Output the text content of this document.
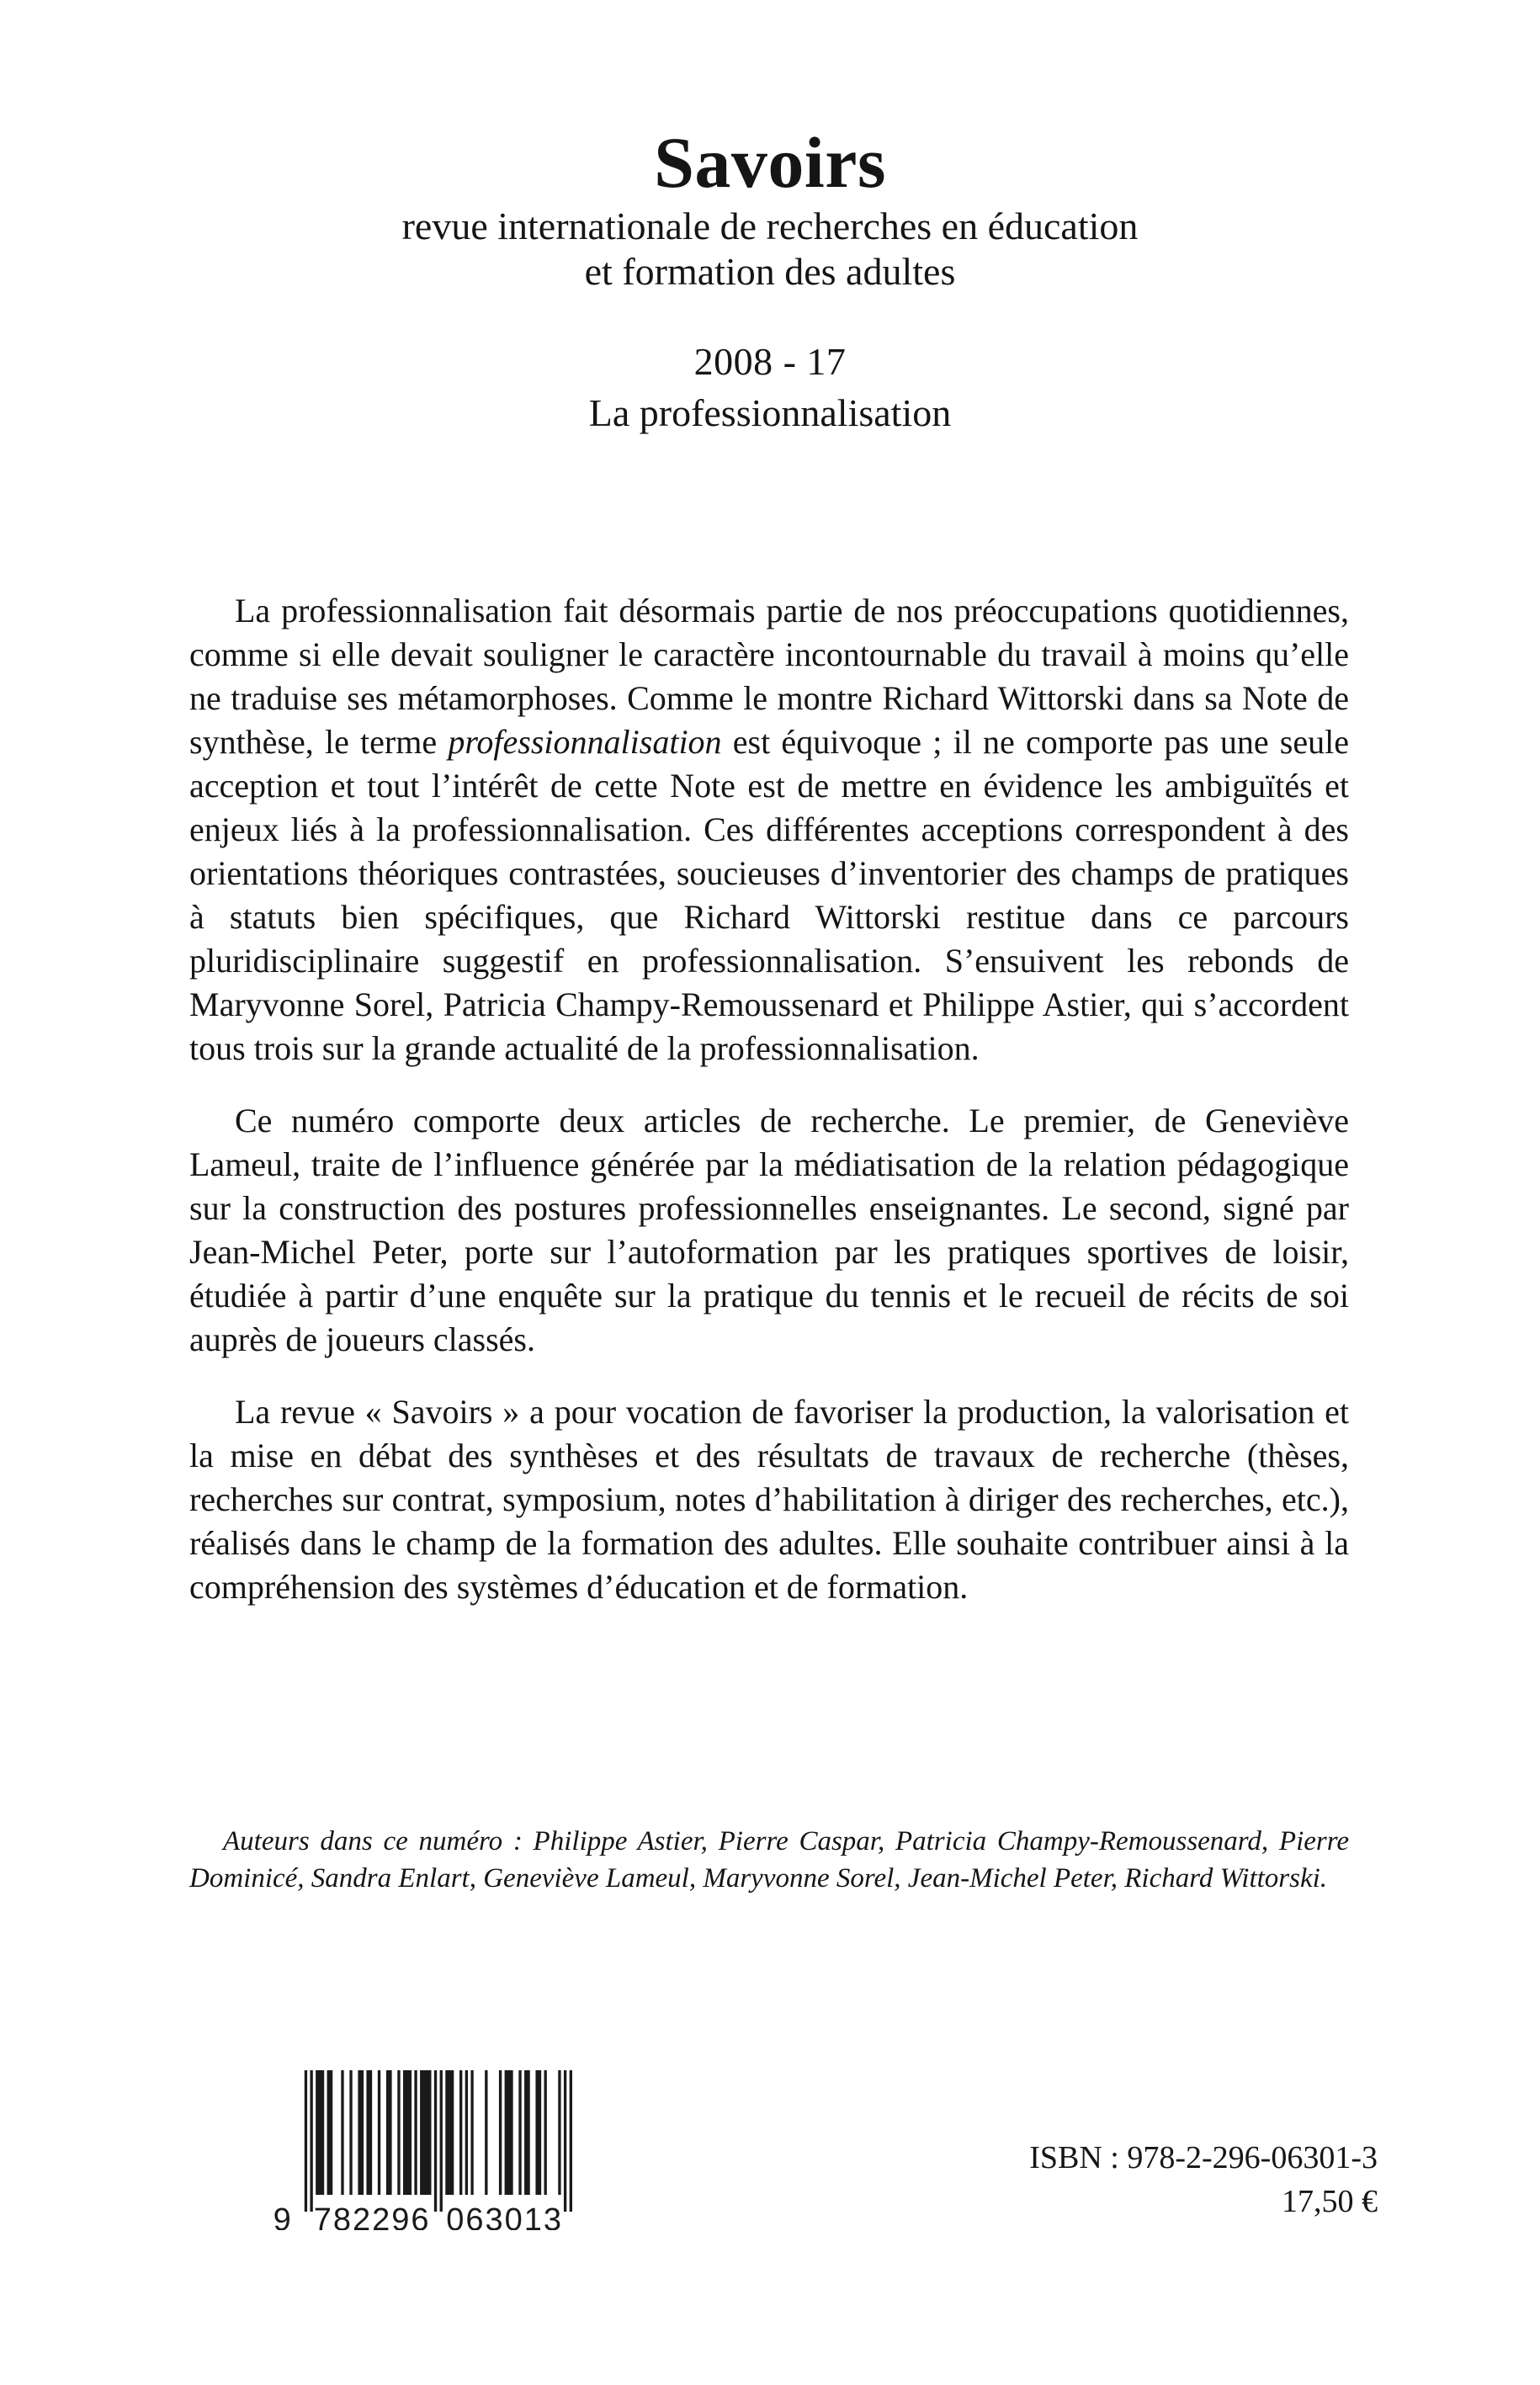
Savoirs
revue internationale de recherches en éducation
et formation des adultes
2008 - 17
La professionnalisation

La professionnalisation fait désormais partie de nos préoccupations quotidiennes, comme si elle devait souligner le caractère incontournable du travail à moins qu’elle ne traduise ses métamorphoses. Comme le montre Richard Wittorski dans sa Note de synthèse, le terme professionnalisation est équivoque ; il ne comporte pas une seule acception et tout l’intérêt de cette Note est de mettre en évidence les ambiguïtés et enjeux liés à la professionnalisation. Ces différentes acceptions correspondent à des orientations théoriques contrastées, soucieuses d’inventorier des champs de pratiques à statuts bien spécifiques, que Richard Wittorski restitue dans ce parcours pluridisciplinaire suggestif en professionnalisation. S’ensuivent les rebonds de Maryvonne Sorel, Patricia Champy-Remoussenard et Philippe Astier, qui s’accordent tous trois sur la grande actualité de la professionnalisation.

Ce numéro comporte deux articles de recherche. Le premier, de Geneviève Lameul, traite de l’influence générée par la médiatisation de la relation pédagogique sur la construction des postures professionnelles enseignantes. Le second, signé par Jean-Michel Peter, porte sur l’autoformation par les pratiques sportives de loisir, étudiée à partir d’une enquête sur la pratique du tennis et le recueil de récits de soi auprès de joueurs classés.

La revue « Savoirs » a pour vocation de favoriser la production, la valorisation et la mise en débat des synthèses et des résultats de travaux de recherche (thèses, recherches sur contrat, symposium, notes d’habilitation à diriger des recherches, etc.), réalisés dans le champ de la formation des adultes. Elle souhaite contribuer ainsi à la compréhension des systèmes d’éducation et de formation.

Auteurs dans ce numéro : Philippe Astier, Pierre Caspar, Patricia Champy-Remoussenard, Pierre Dominicé, Sandra Enlart, Geneviève Lameul, Maryvonne Sorel, Jean-Michel Peter, Richard Wittorski.
9 782296 063013
ISBN : 978-2-296-06301-3
17,50 €
